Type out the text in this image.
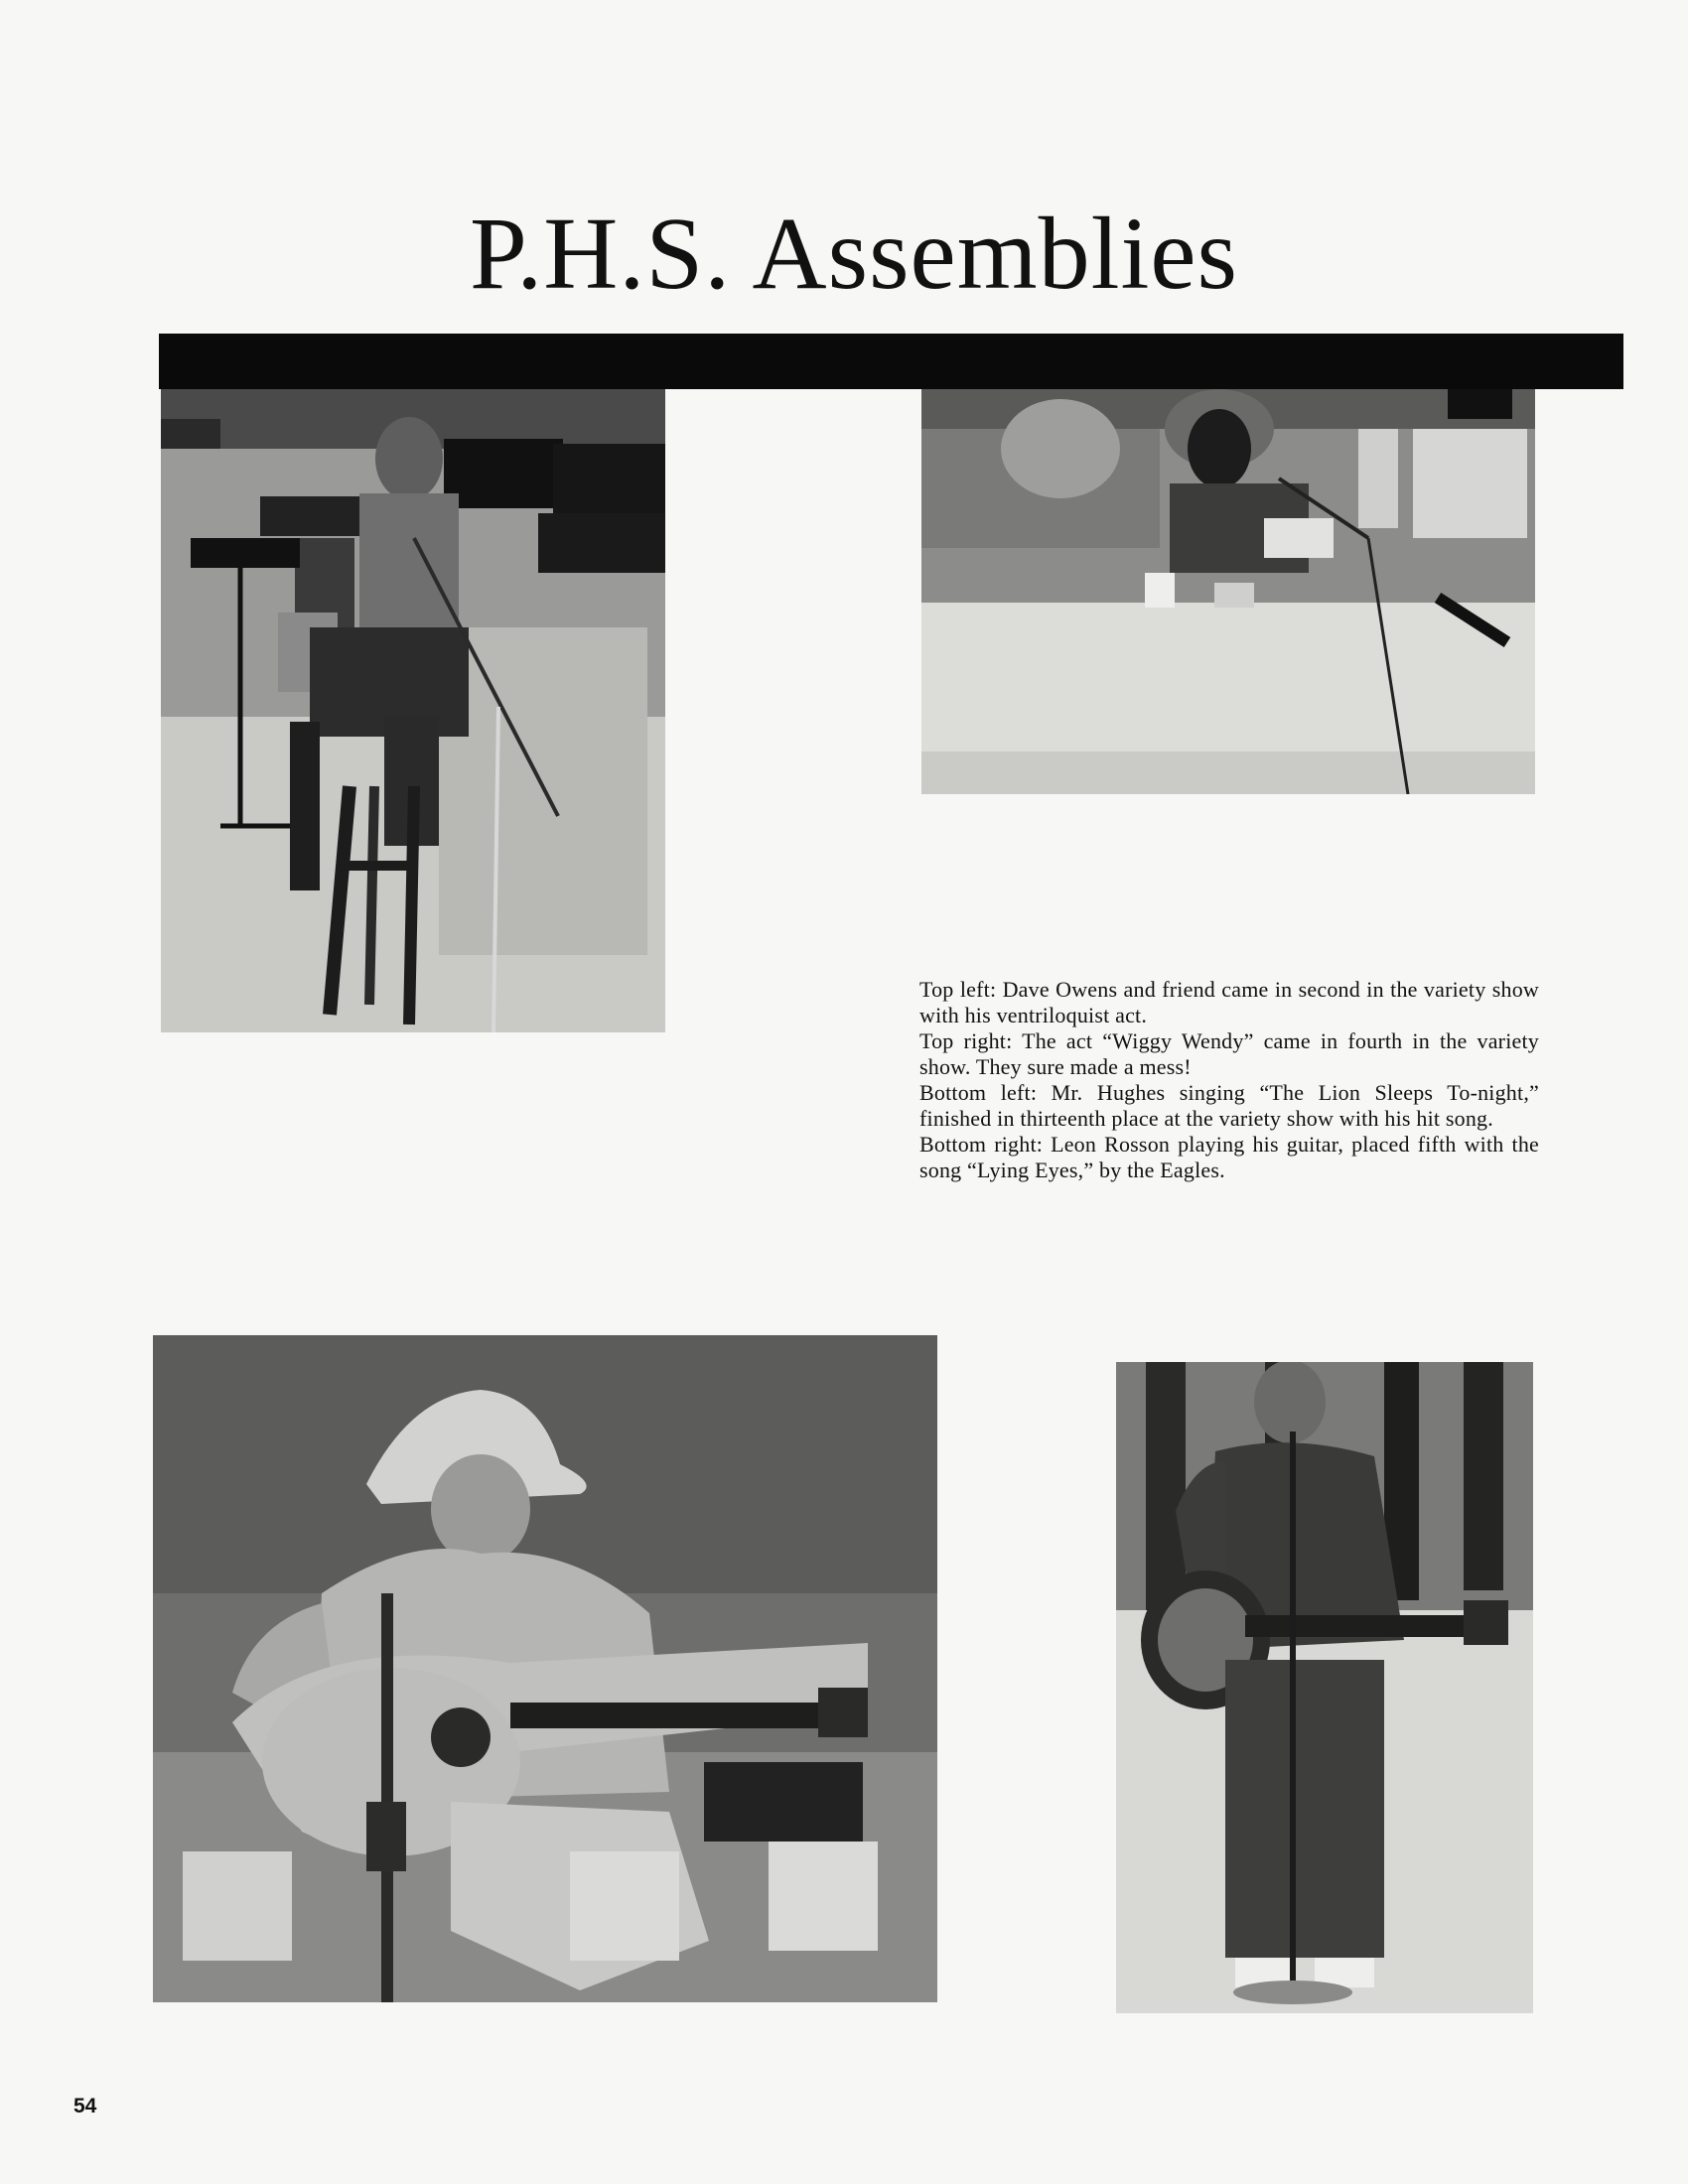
P.H.S. Assemblies

Top left: Dave Owens and friend came in second in the variety show with his ventriloquist act.

Top right: The act “Wiggy Wendy” came in fourth in the variety show. They sure made a mess!

Bottom left: Mr. Hughes singing “The Lion Sleeps To-night,” finished in thirteenth place at the variety show with his hit song.

Bottom right: Leon Rosson playing his guitar, placed fifth with the song “Lying Eyes,” by the Eagles.

54
